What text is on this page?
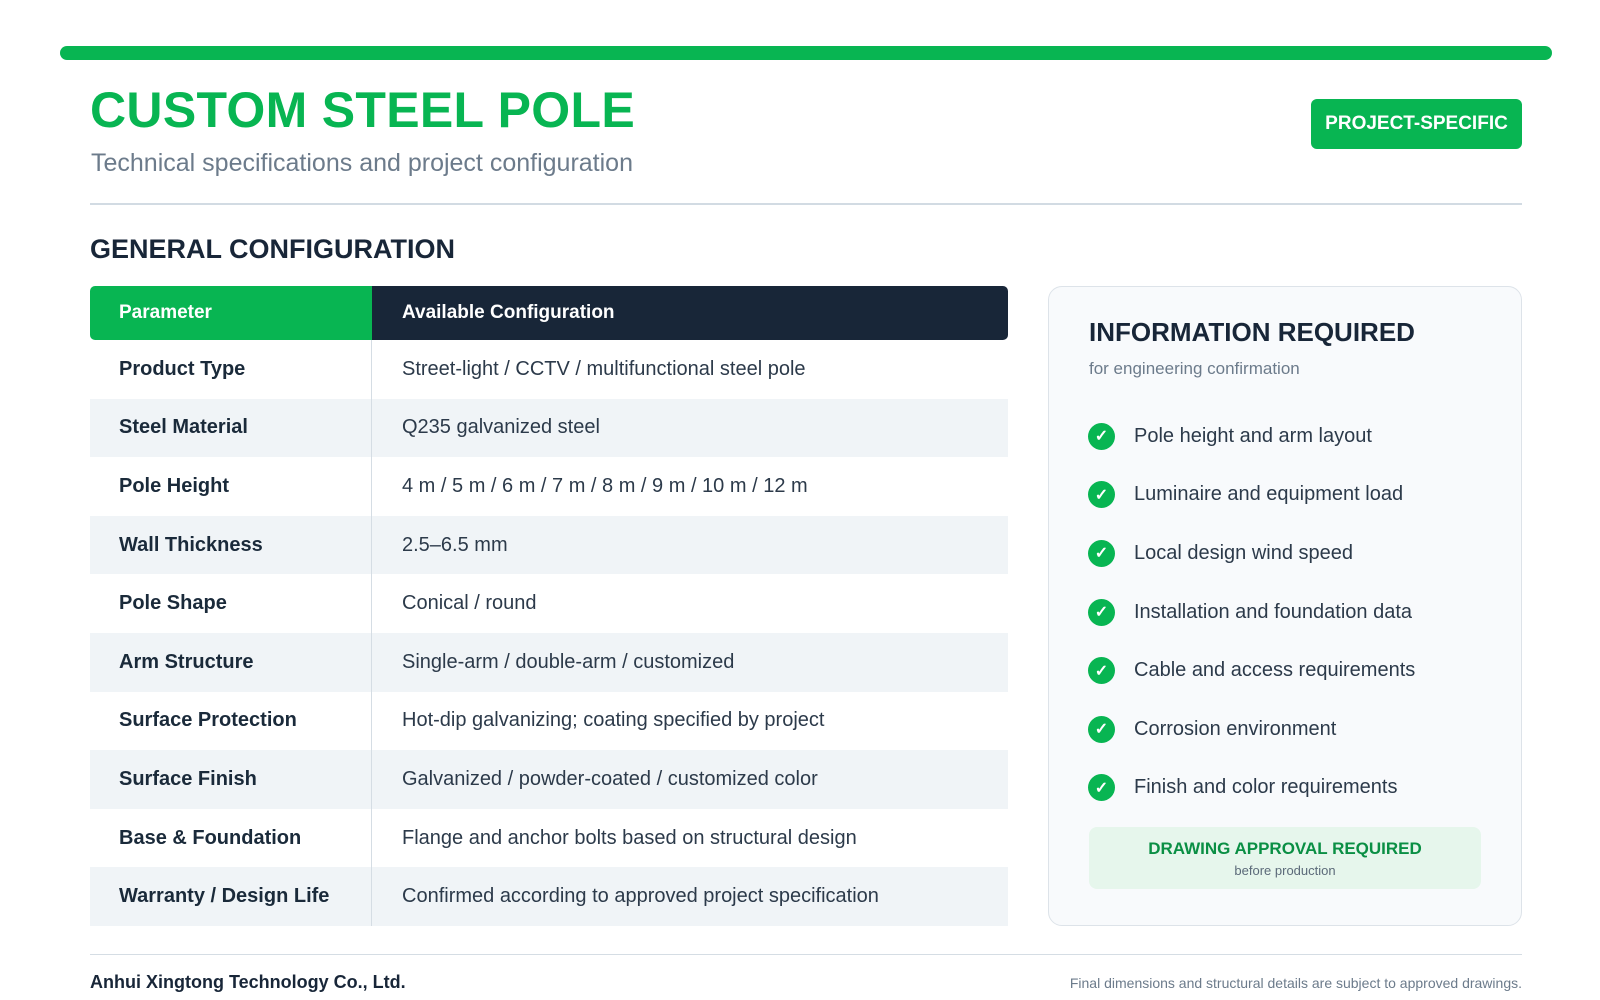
CUSTOM STEEL POLE
Technical specifications and project configuration
PROJECT-SPECIFIC
GENERAL CONFIGURATION
Parameter	Available Configuration
Product Type	Street-light / CCTV / multifunctional steel pole
Steel Material	Q235 galvanized steel
Pole Height	4 m / 5 m / 6 m / 7 m / 8 m / 9 m / 10 m / 12 m
Wall Thickness	2.5–6.5 mm
Pole Shape	Conical / round
Arm Structure	Single-arm / double-arm / customized
Surface Protection	Hot-dip galvanizing; coating specified by project
Surface Finish	Galvanized / powder-coated / customized color
Base & Foundation	Flange and anchor bolts based on structural design
Warranty / Design Life	Confirmed according to approved project specification
INFORMATION REQUIRED
for engineering confirmation
✓	Pole height and arm layout
✓	Luminaire and equipment load
✓	Local design wind speed
✓	Installation and foundation data
✓	Cable and access requirements
✓	Corrosion environment
✓	Finish and color requirements
DRAWING APPROVAL REQUIRED
before production
Anhui Xingtong Technology Co., Ltd.	Final dimensions and structural details are subject to approved drawings.
